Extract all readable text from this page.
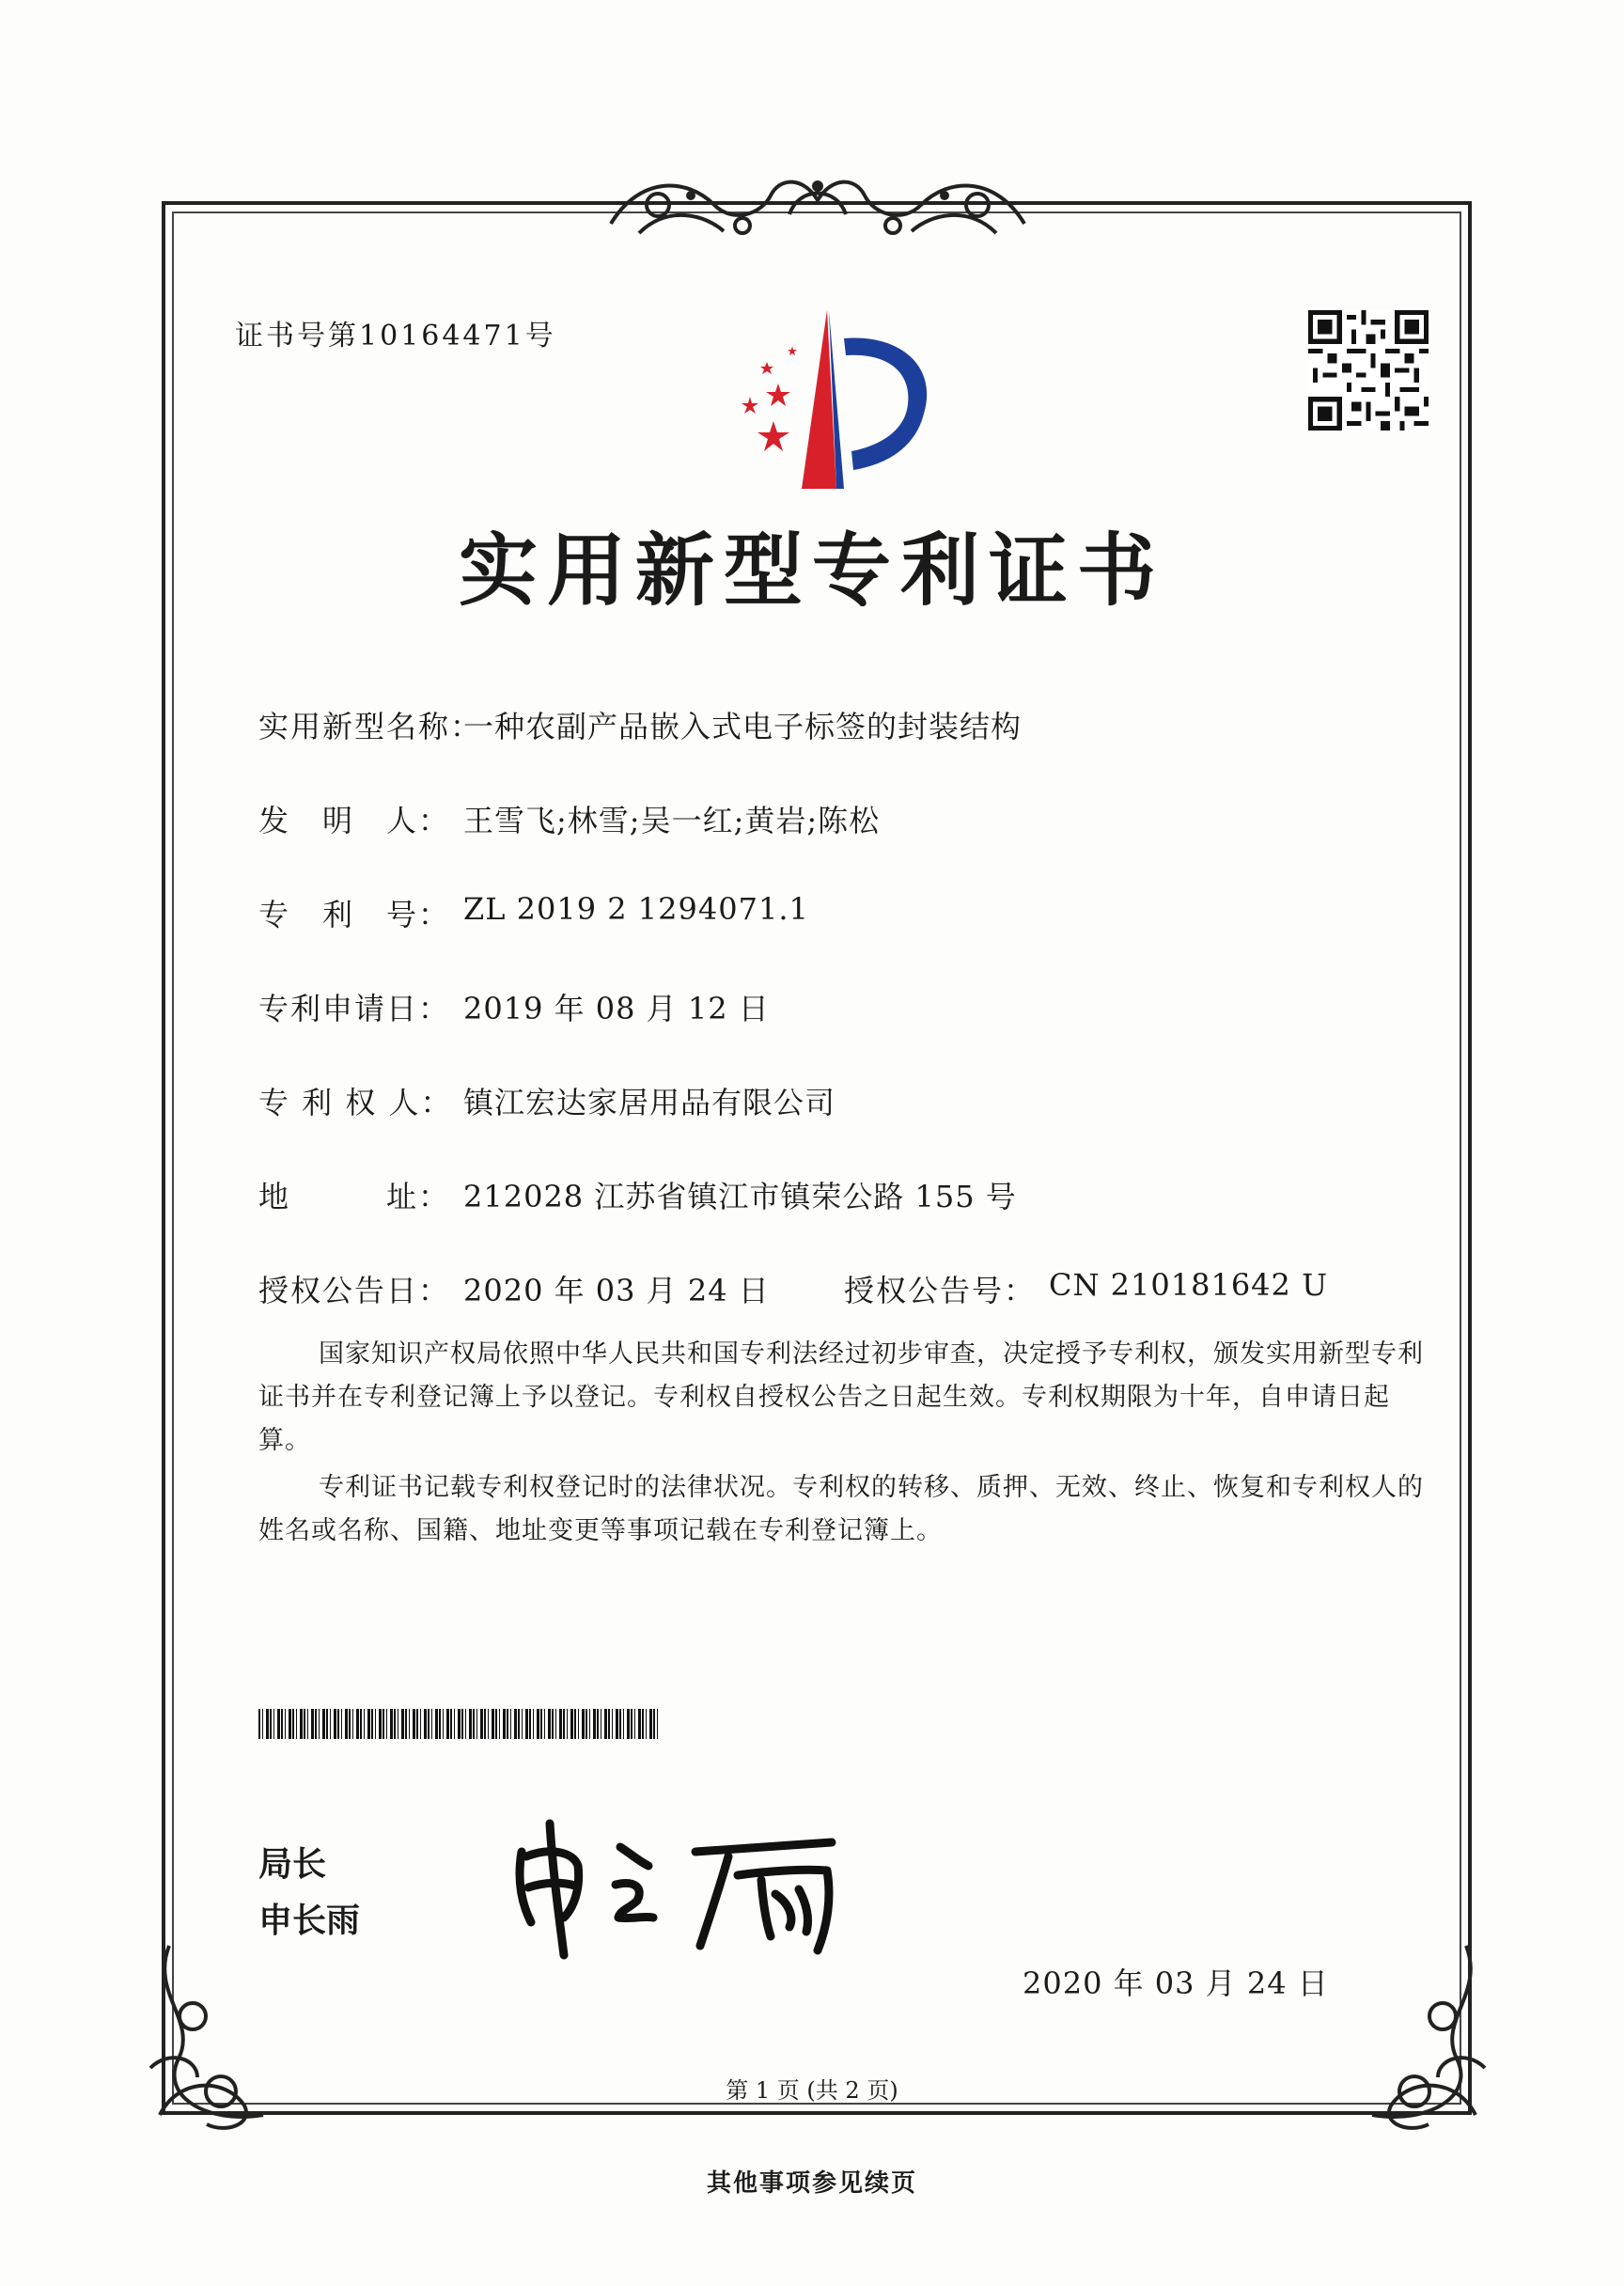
证书号第10164471号
实用新型专利证书
实用新型名称：
一种农副产品嵌入式电子标签的封装结构
发　明　人： 王雪飞;林雪;吴一红;黄岩;陈松
专　利　号： ZL 2019 2 1294071.1
专利申请日： 2019 年 08 月 12 日
专 利 权 人： 镇江宏达家居用品有限公司
地　　　址： 212028 江苏省镇江市镇荣公路 155 号
授权公告日： 2020 年 03 月 24 日 授权公告号： CN 210181642 U
国家知识产权局依照中华人民共和国专利法经过初步审查，决定授予专利权，颁发实用新型专利证书并在专利登记簿上予以登记。专利权自授权公告之日起生效。专利权期限为十年，自申请日起算。
专利证书记载专利权登记时的法律状况。专利权的转移、质押、无效、终止、恢复和专利权人的姓名或名称、国籍、地址变更等事项记载在专利登记簿上。
局长
申长雨
2020 年 03 月 24 日
第 1 页 (共 2 页)
其他事项参见续页
